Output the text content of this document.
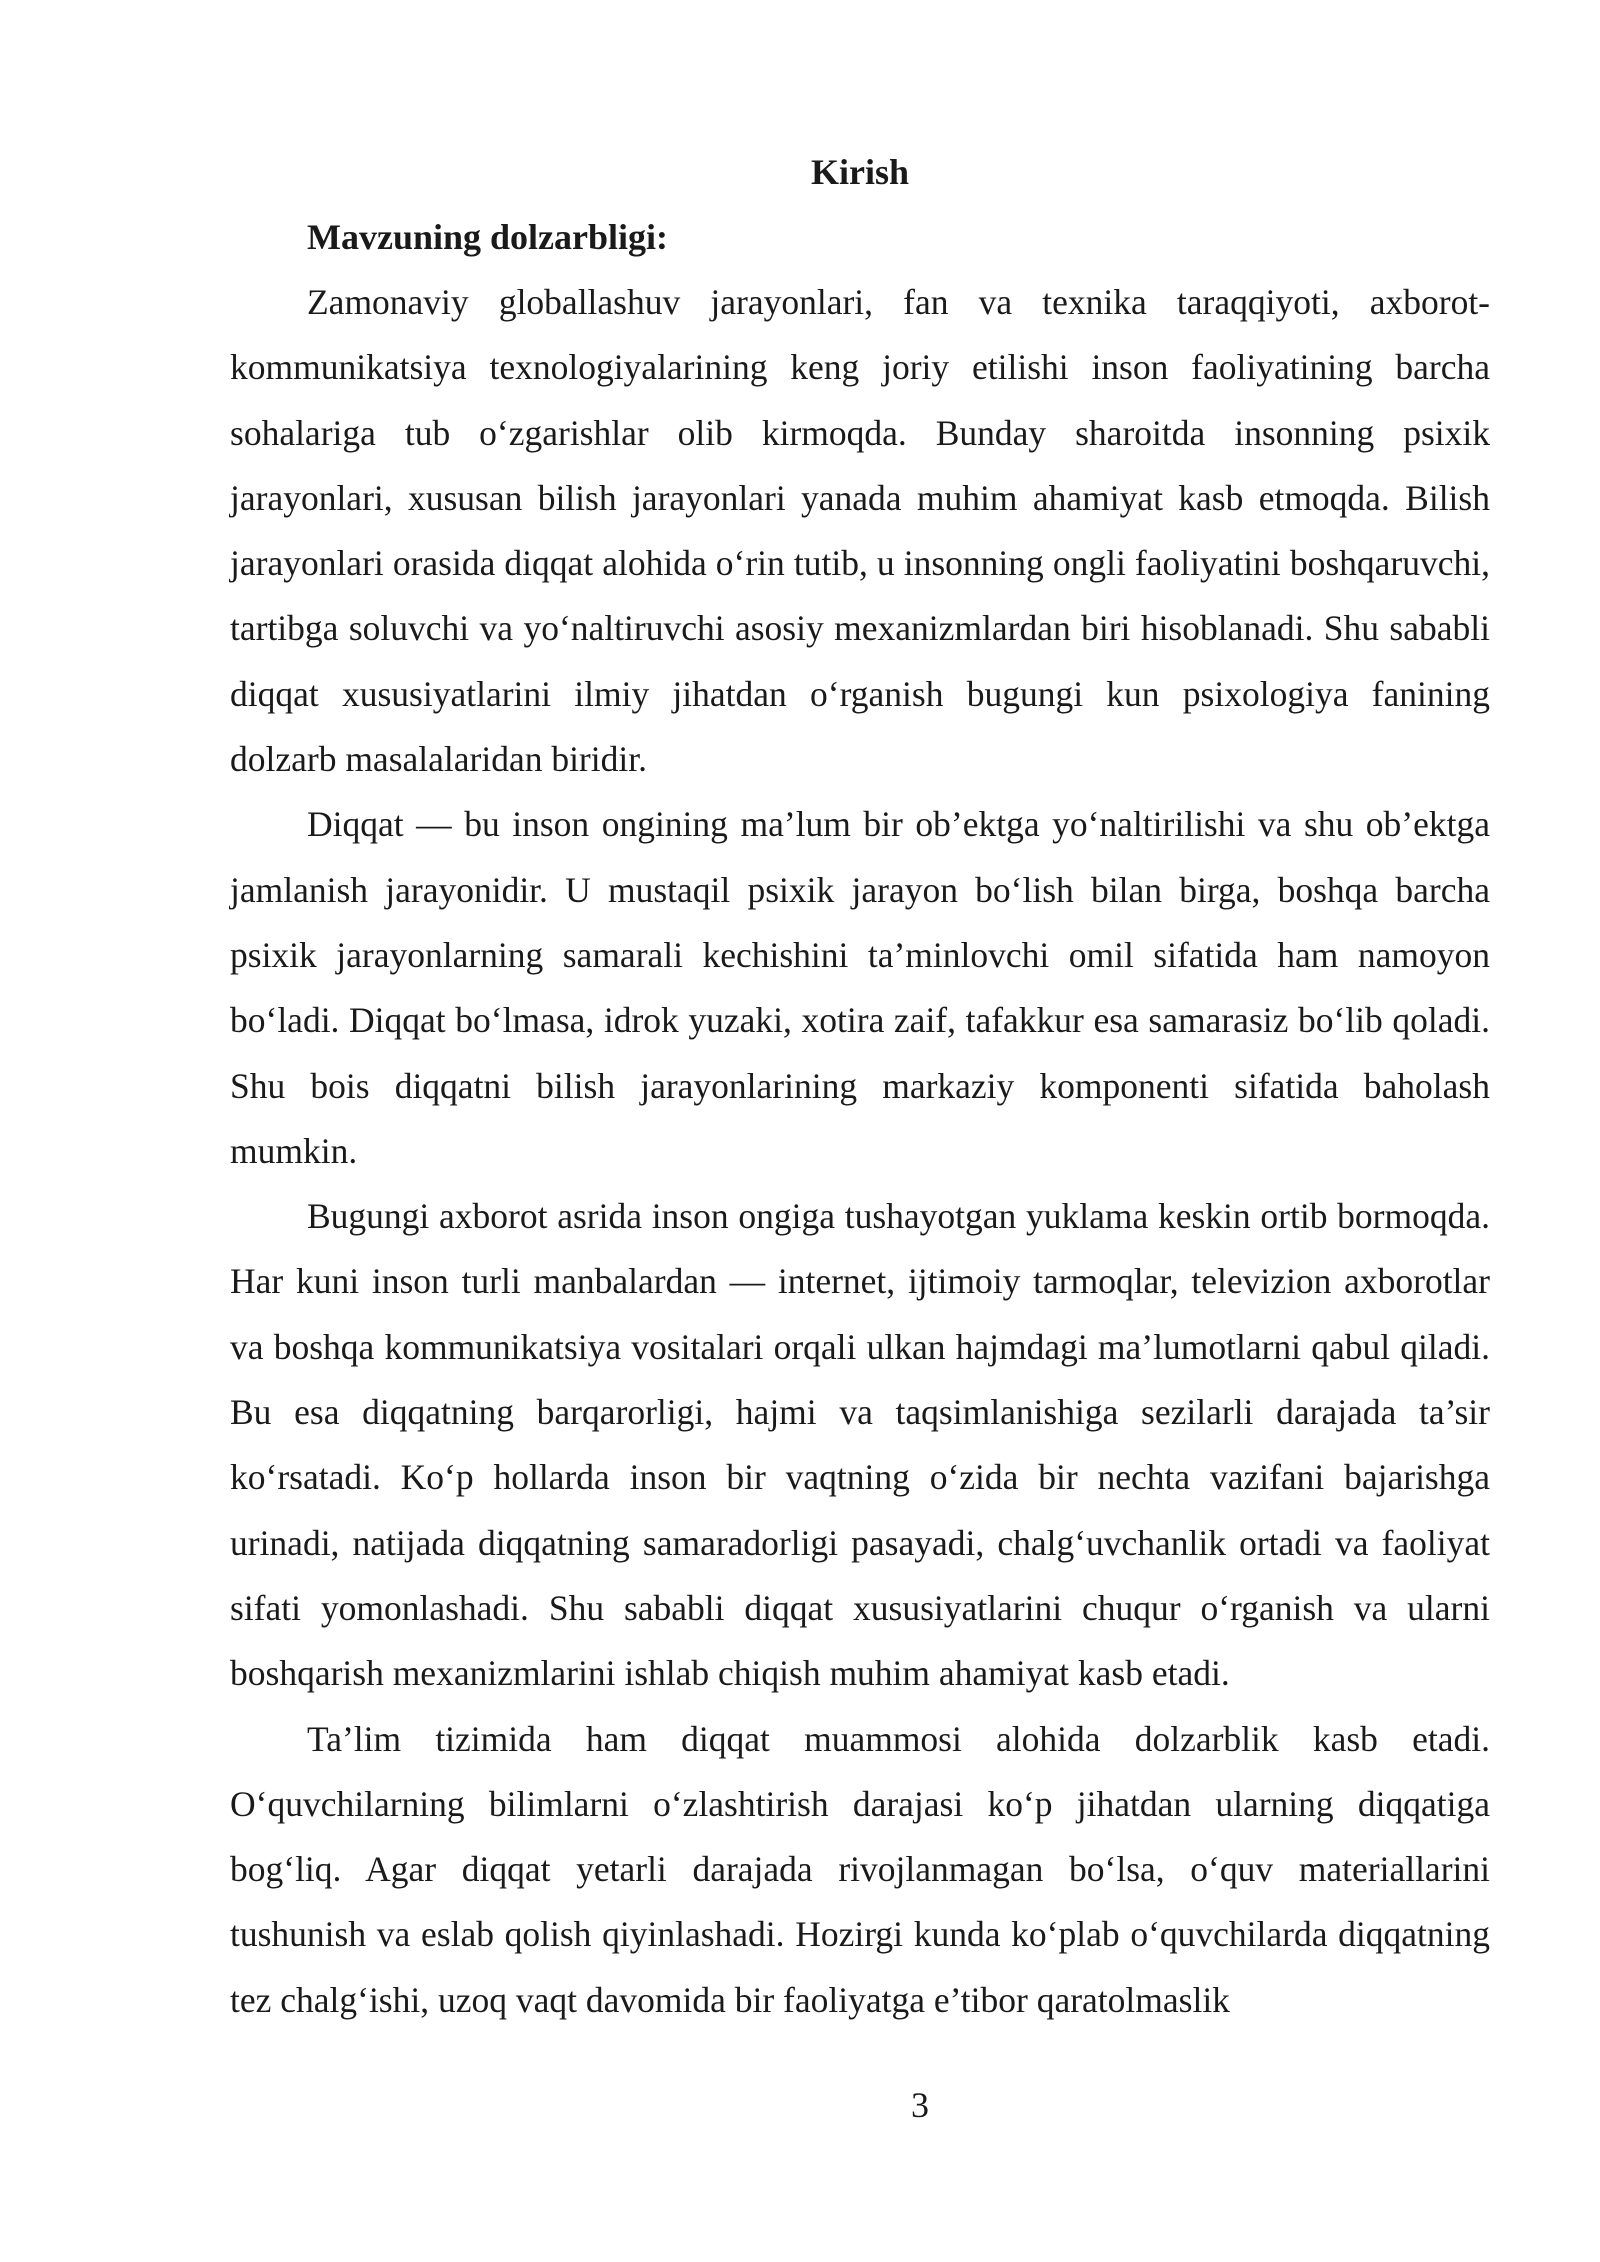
Kirish
Mavzuning dolzarbligi:

Zamonaviy globallashuv jarayonlari, fan va texnika taraqqiyoti, axborot-kommunikatsiya texnologiyalarining keng joriy etilishi inson faoliyatining barcha sohalariga tub o‘zgarishlar olib kirmoqda. Bunday sharoitda insonning psixik jarayonlari, xususan bilish jarayonlari yanada muhim ahamiyat kasb etmoqda. Bilish jarayonlari orasida diqqat alohida o‘rin tutib, u insonning ongli faoliyatini boshqaruvchi, tartibga soluvchi va yo‘naltiruvchi asosiy mexanizmlardan biri hisoblanadi. Shu sababli diqqat xususiyatlarini ilmiy jihatdan o‘rganish bugungi kun psixologiya fanining dolzarb masalalaridan biridir.

Diqqat — bu inson ongining ma’lum bir ob’ektga yo‘naltirilishi va shu ob’ektga jamlanish jarayonidir. U mustaqil psixik jarayon bo‘lish bilan birga, boshqa barcha psixik jarayonlarning samarali kechishini ta’minlovchi omil sifatida ham namoyon bo‘ladi. Diqqat bo‘lmasa, idrok yuzaki, xotira zaif, tafakkur esa samarasiz bo‘lib qoladi. Shu bois diqqatni bilish jarayonlarining markaziy komponenti sifatida baholash mumkin.

Bugungi axborot asrida inson ongiga tushayotgan yuklama keskin ortib bormoqda. Har kuni inson turli manbalardan — internet, ijtimoiy tarmoqlar, televizion axborotlar va boshqa kommunikatsiya vositalari orqali ulkan hajmdagi ma’lumotlarni qabul qiladi. Bu esa diqqatning barqarorligi, hajmi va taqsimlanishiga sezilarli darajada ta’sir ko‘rsatadi. Ko‘p hollarda inson bir vaqtning o‘zida bir nechta vazifani bajarishga urinadi, natijada diqqatning samaradorligi pasayadi, chalg‘uvchanlik ortadi va faoliyat sifati yomonlashadi. Shu sababli diqqat xususiyatlarini chuqur o‘rganish va ularni boshqarish mexanizmlarini ishlab chiqish muhim ahamiyat kasb etadi.

Ta’lim tizimida ham diqqat muammosi alohida dolzarblik kasb etadi. O‘quvchilarning bilimlarni o‘zlashtirish darajasi ko‘p jihatdan ularning diqqatiga bog‘liq. Agar diqqat yetarli darajada rivojlanmagan bo‘lsa, o‘quv materiallarini tushunish va eslab qolish qiyinlashadi. Hozirgi kunda ko‘plab o‘quvchilarda diqqatning tez chalg‘ishi, uzoq vaqt davomida bir faoliyatga e’tibor qaratolmaslik

3
